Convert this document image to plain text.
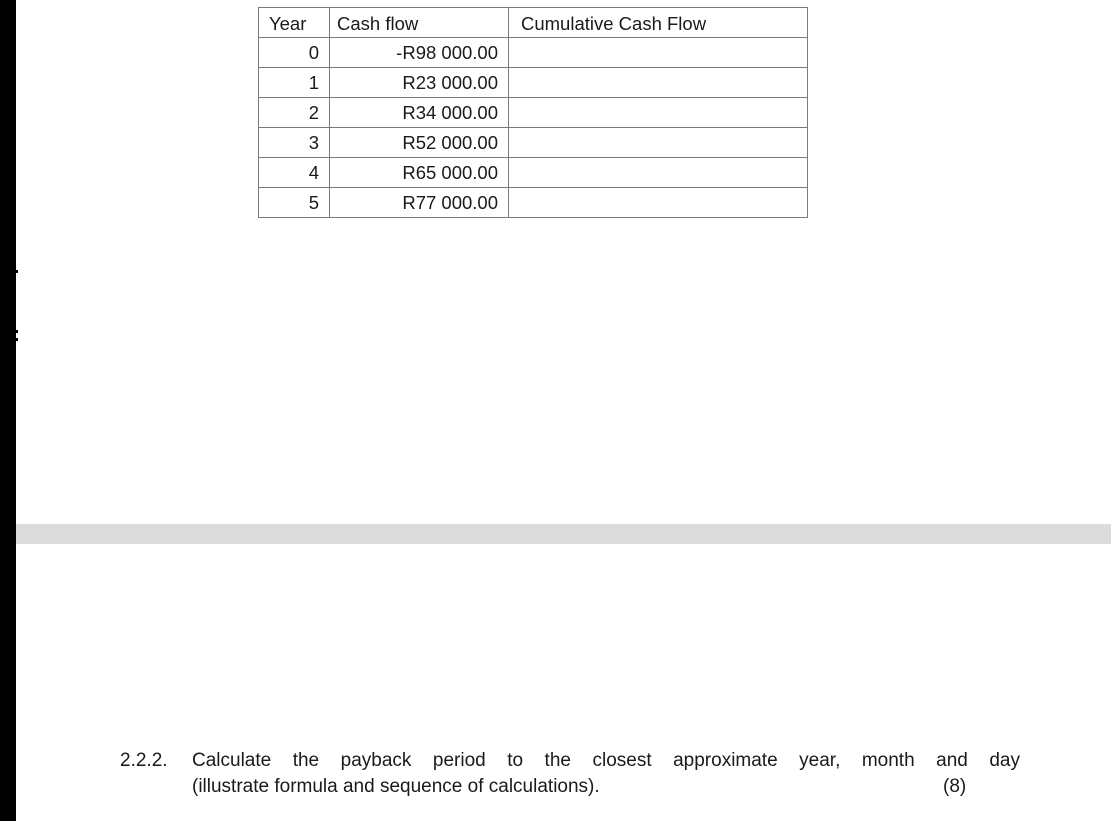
Year	Cash flow	Cumulative Cash Flow
0	-R98 000.00	
1	R23 000.00	
2	R34 000.00	
3	R52 000.00	
4	R65 000.00	
5	R77 000.00	
2.2.2. Calculate the payback period to the closest approximate year, month and day
(illustrate formula and sequence of calculations).	(8)
